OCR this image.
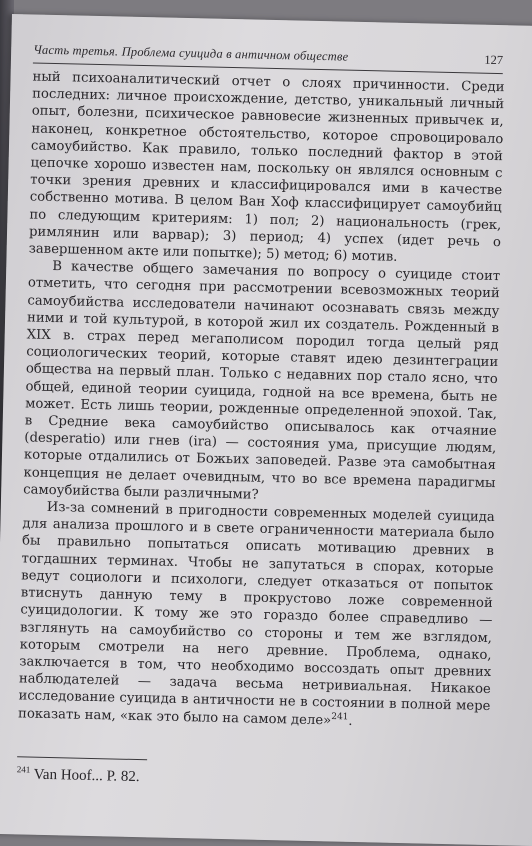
Часть третья. Проблема суицида в античном обществе	127

ный психоаналитический отчет о слоях причинности. Среди последних: личное происхождение, детство, уникальный личный опыт, болезни, психическое равновесие жизненных привычек и, наконец, конкретное обстоятельство, которое спровоцировало самоубийство. Как правило, только последний фактор в этой цепочке хорошо известен нам, поскольку он являлся основным с точки зрения древних и классифицировался ими в качестве собственно мотива. В целом Ван Хоф классифицирует самоубийц по следующим критериям: 1) пол; 2) национальность (грек, римлянин или варвар); 3) период; 4) успех (идет речь о завершенном акте или попытке); 5) метод; 6) мотив.

В качестве общего замечания по вопросу о суициде стоит отметить, что сегодня при рассмотрении всевозможных теорий самоубийства исследователи начинают осознавать связь между ними и той культурой, в которой жил их создатель. Рожденный в XIX в. страх перед мегаполисом породил тогда целый ряд социологических теорий, которые ставят идею дезинтеграции общества на первый план. Только с недавних пор стало ясно, что общей, единой теории суицида, годной на все времена, быть не может. Есть лишь теории, рожденные определенной эпохой. Так, в Средние века самоубийство описывалось как отчаяние (desperatio) или гнев (ira) — состояния ума, присущие людям, которые отдалились от Божьих заповедей. Разве эта самобытная концепция не делает очевидным, что во все времена парадигмы самоубийства были различными?

Из-за сомнений в пригодности современных моделей суицида для анализа прошлого и в свете ограниченности материала было бы правильно попытаться описать мотивацию древних в тогдашних терминах. Чтобы не запутаться в спорах, которые ведут социологи и психологи, следует отказаться от попыток втиснуть данную тему в прокрустово ложе современной суицидологии. К тому же это гораздо более справедливо — взглянуть на самоубийство со стороны и тем же взглядом, которым смотрели на него древние. Проблема, однако, заключается в том, что необходимо воссоздать опыт древних наблюдателей — задача весьма нетривиальная. Никакое исследование суицида в античности не в состоянии в полной мере показать нам, «как это было на самом деле»$^{241}$.

$^{241}$ Van Hoof... P. 82.
